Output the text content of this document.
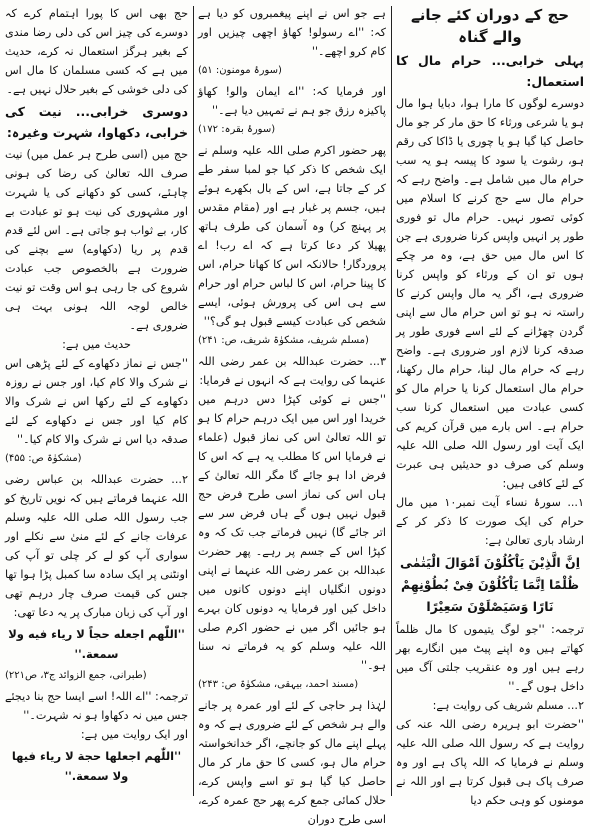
حج کے دوران کئے جانے والے گناہ
پہلی خرابی... حرام مال کا استعمال:

دوسرے لوگوں کا مارا ہوا، دبایا ہوا مال ہو یا شرعی ورثاء کا حق مار کر جو مال حاصل کیا گیا ہو یا چوری یا ڈاکا کی رقم ہو، رشوت یا سود کا پیسہ ہو یہ سب حرام مال میں شامل ہے۔ واضح رہے کہ حرام مال سے حج کرنے کا اسلام میں کوئی تصور نہیں۔ حرام مال تو فوری طور پر انہیں واپس کرنا ضروری ہے جن کا اس مال میں حق ہے، وہ مر چکے ہوں تو ان کے ورثاء کو واپس کرنا ضروری ہے، اگر یہ مال واپس کرنے کا راستہ نہ ہو تو اس حرام مال سے اپنی گردن چھڑانے کے لئے اسے فوری طور پر صدقہ کرنا لازم اور ضروری ہے۔ واضح رہے کہ حرام مال لینا، حرام مال رکھنا، حرام مال استعمال کرنا یا حرام مال کو کسی عبادت میں استعمال کرنا سب حرام ہے۔ اس بارے میں قرآن کریم کی ایک آیت اور رسول اللہ صلی اللہ علیہ وسلم کی صرف دو حدیثیں ہی عبرت کے لئے کافی ہیں:

۱... سورۂ نساء آیت نمبر۱۰ میں مال حرام کی ایک صورت کا ذکر کر کے ارشاد باری تعالیٰ ہے:

اِنَّ الَّذِیْنَ یَاْکُلُوْنَ اَمْوَالَ الْیَتٰمٰی ظُلْمًا اِنَّمَا یَاْکُلُوْنَ فِیْ بُطُوْنِهِمْ نَارًا وَسَیَصْلَوْنَ سَعِیْرًا

ترجمہ: ''جو لوگ یتیموں کا مال ظلماً کھاتے ہیں وہ اپنے پیٹ میں انگارے بھر رہے ہیں اور وہ عنقریب جلتی آگ میں داخل ہوں گے۔''

۲... مسلم شریف کی روایت ہے:

''حضرت ابو ہریرہ رضی اللہ عنہ کی روایت ہے کہ رسول اللہ صلی اللہ علیہ وسلم نے فرمایا کہ اللہ پاک ہے اور وہ صرف پاک ہی قبول کرتا ہے اور اللہ نے مومنوں کو وہی حکم دیا

ہے جو اس نے اپنے پیغمبروں کو دیا ہے کہ: ''اے رسولو! کھاؤ اچھی چیزیں اور کام کرو اچھے۔''

(سورۂ مومنون: ۵۱)

اور فرمایا کہ: ''اے ایمان والو! کھاؤ پاکیزہ رزق جو ہم نے تمہیں دیا ہے۔''

(سورۂ بقرہ: ۱۷۲)

پھر حضور اکرم صلی اللہ علیہ وسلم نے ایک شخص کا ذکر کیا جو لمبا سفر طے کر کے جاتا ہے، اس کے بال بکھرے ہوئے ہیں، جسم پر غبار ہے اور (مقام مقدس پر پہنچ کر) وہ آسمان کی طرف ہاتھ پھیلا کر دعا کرتا ہے کہ اے رب! اے پروردگار! حالانکہ اس کا کھانا حرام، اس کا پینا حرام، اس کا لباس حرام اور حرام سے ہی اس کی پرورش ہوئی، ایسے شخص کی عبادت کیسے قبول ہو گی؟''

(مسلم شریف، مشکوٰۃ شریف، ص: ۲۴۱)

۳... حضرت عبداللہ بن عمر رضی اللہ عنہما کی روایت ہے کہ انہوں نے فرمایا:

''جس نے کوئی کپڑا دس درہم میں خریدا اور اس میں ایک درہم حرام کا ہو تو اللہ تعالیٰ اس کی نماز قبول (علماء نے فرمایا اس کا مطلب یہ ہے کہ اس کا فرض ادا ہو جائے گا مگر اللہ تعالیٰ کے ہاں اس کی نماز اسی طرح فرض حج قبول نہیں ہوں گے ہاں فرض سر سے اتر جائے گا) نہیں فرماتے جب تک کہ وہ کپڑا اس کے جسم پر رہے۔ پھر حضرت عبداللہ بن عمر رضی اللہ عنہما نے اپنی دونوں انگلیاں اپنے دونوں کانوں میں داخل کیں اور فرمایا یہ دونوں کان بہرے ہو جائیں اگر میں نے حضور اکرم صلی اللہ علیہ وسلم کو یہ فرماتے نہ سنا ہو۔''

(مسند احمد، بیہقی، مشکوٰۃ ص: ۲۴۳)

لہٰذا ہر حاجی کے لئے اور عمرہ پر جانے والے ہر شخص کے لئے ضروری ہے کہ وہ پہلے اپنے مال کو جانچے، اگر خدانخواستہ حرام مال ہو، کسی کا حق مار کر مال حاصل کیا گیا ہو تو اسے واپس کرے، حلال کمائی جمع کرے پھر حج عمرہ کرے، اسی طرح دوران

حج بھی اس کا پورا اہتمام کرے کہ دوسرے کی چیز اس کی دلی رضا مندی کے بغیر ہرگز استعمال نہ کرے، حدیث میں ہے کہ کسی مسلمان کا مال اس کی دلی خوشی کے بغیر حلال نہیں ہے۔

دوسری خرابی... نیت کی خرابی، دکھاوا، شہرت وغیرہ:

حج میں (اسی طرح ہر عمل میں) نیت صرف اللہ تعالیٰ کی رضا کی ہونی چاہئے، کسی کو دکھانے کی یا شہرت اور مشہوری کی نیت ہو تو عبادت بے کار، بے ثواب ہو جاتی ہے۔ اس لئے قدم قدم پر ریا (دکھاوے) سے بچنے کی ضرورت ہے بالخصوص جب عبادت شروع کی جا رہی ہو اس وقت تو نیت خالص لوجہ اللہ ہونی بہت ہی ضروری ہے۔

حدیث میں ہے:

''جس نے نماز دکھاوے کے لئے پڑھی اس نے شرک والا کام کیا، اور جس نے روزہ دکھاوے کے لئے رکھا اس نے شرک والا کام کیا اور جس نے دکھاوے کے لئے صدقہ دیا اس نے شرک والا کام کیا۔''

(مشکوٰۃ ص: ۴۵۵)

۲... حضرت عبداللہ بن عباس رضی اللہ عنہما فرماتے ہیں کہ نویں تاریخ کو جب رسول اللہ صلی اللہ علیہ وسلم عرفات جانے کے لئے منیٰ سے نکلے اور سواری آپ کو لے کر چلی تو آپ کی اونٹنی پر ایک سادہ سا کمبل پڑا ہوا تھا جس کی قیمت صرف چار درہم تھی اور آپ کی زبان مبارک پر یہ دعا تھی:

''اللّٰهم اجعله حجاً لا ریاء فیه ولا سمعة.''
(طبرانی، جمع الزوائد ج۳، ص۲۲۱)

ترجمہ: ''اے اللہ! اسے ایسا حج بنا دیجئے جس میں نہ دکھاوا ہو نہ شہرت۔''

اور ایک روایت میں ہے:

''اللّٰهم اجعلها حجة لا ریاء فیها ولا سمعة.''
